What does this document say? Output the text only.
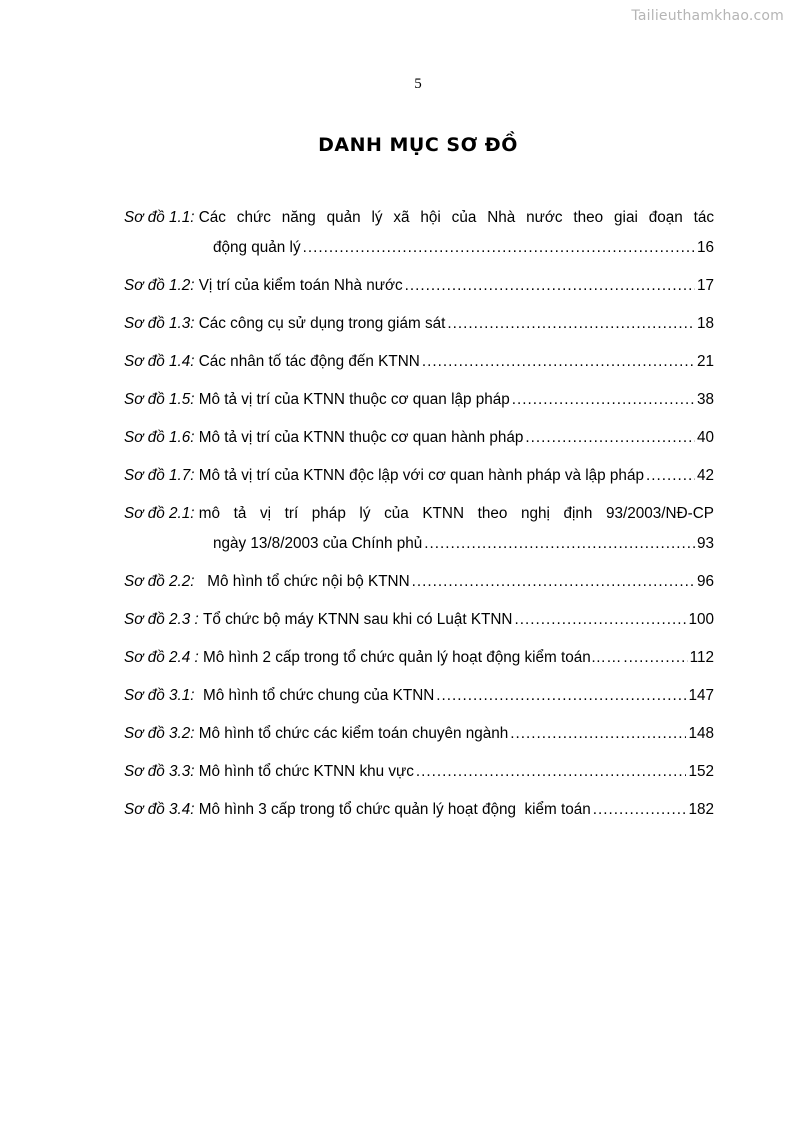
Tailieuthamkhao.com
5
DANH MỤC SƠ ĐỒ
Sơ đồ 1.1:
Các chức năng quản lý xã hội của Nhà nước theo giai đoạn tác
động quản lý .....	16
Sơ đồ 1.2:
Vị trí của kiểm toán Nhà nước .....	17
Sơ đồ 1.3:
Các công cụ sử dụng trong giám sát .....	18
Sơ đồ 1.4:
Các nhân tố tác động đến KTNN .....	21
Sơ đồ 1.5:
Mô tả vị trí của KTNN thuộc cơ quan lập pháp .....	38
Sơ đồ 1.6:
Mô tả vị trí của KTNN thuộc cơ quan hành pháp .....	40
Sơ đồ 1.7:
Mô tả vị trí của KTNN độc lập với cơ quan hành pháp và lập pháp .....	42
Sơ đồ 2.1:
mô tả vị trí pháp lý của KTNN theo nghị định 93/2003/NĐ-CP
ngày 13/8/2003 của Chính phủ .....	93
Sơ đồ 2.2:
Mô hình tổ chức nội bộ KTNN .....	96
Sơ đồ 2.3 :
Tổ chức bộ máy KTNN sau khi có Luật KTNN .....	100
Sơ đồ 2.4 :
Mô hình 2 cấp trong tổ chức quản lý hoạt động kiểm toán…… .....	112
Sơ đồ 3.1:
Mô hình tổ chức chung của KTNN .....	147
Sơ đồ 3.2:
Mô hình tổ chức các kiểm toán chuyên ngành .....	148
Sơ đồ 3.3:
Mô hình tổ chức KTNN khu vực .....	152
Sơ đồ 3.4:
Mô hình 3 cấp trong tổ chức quản lý hoạt động  kiểm toán .....	182
